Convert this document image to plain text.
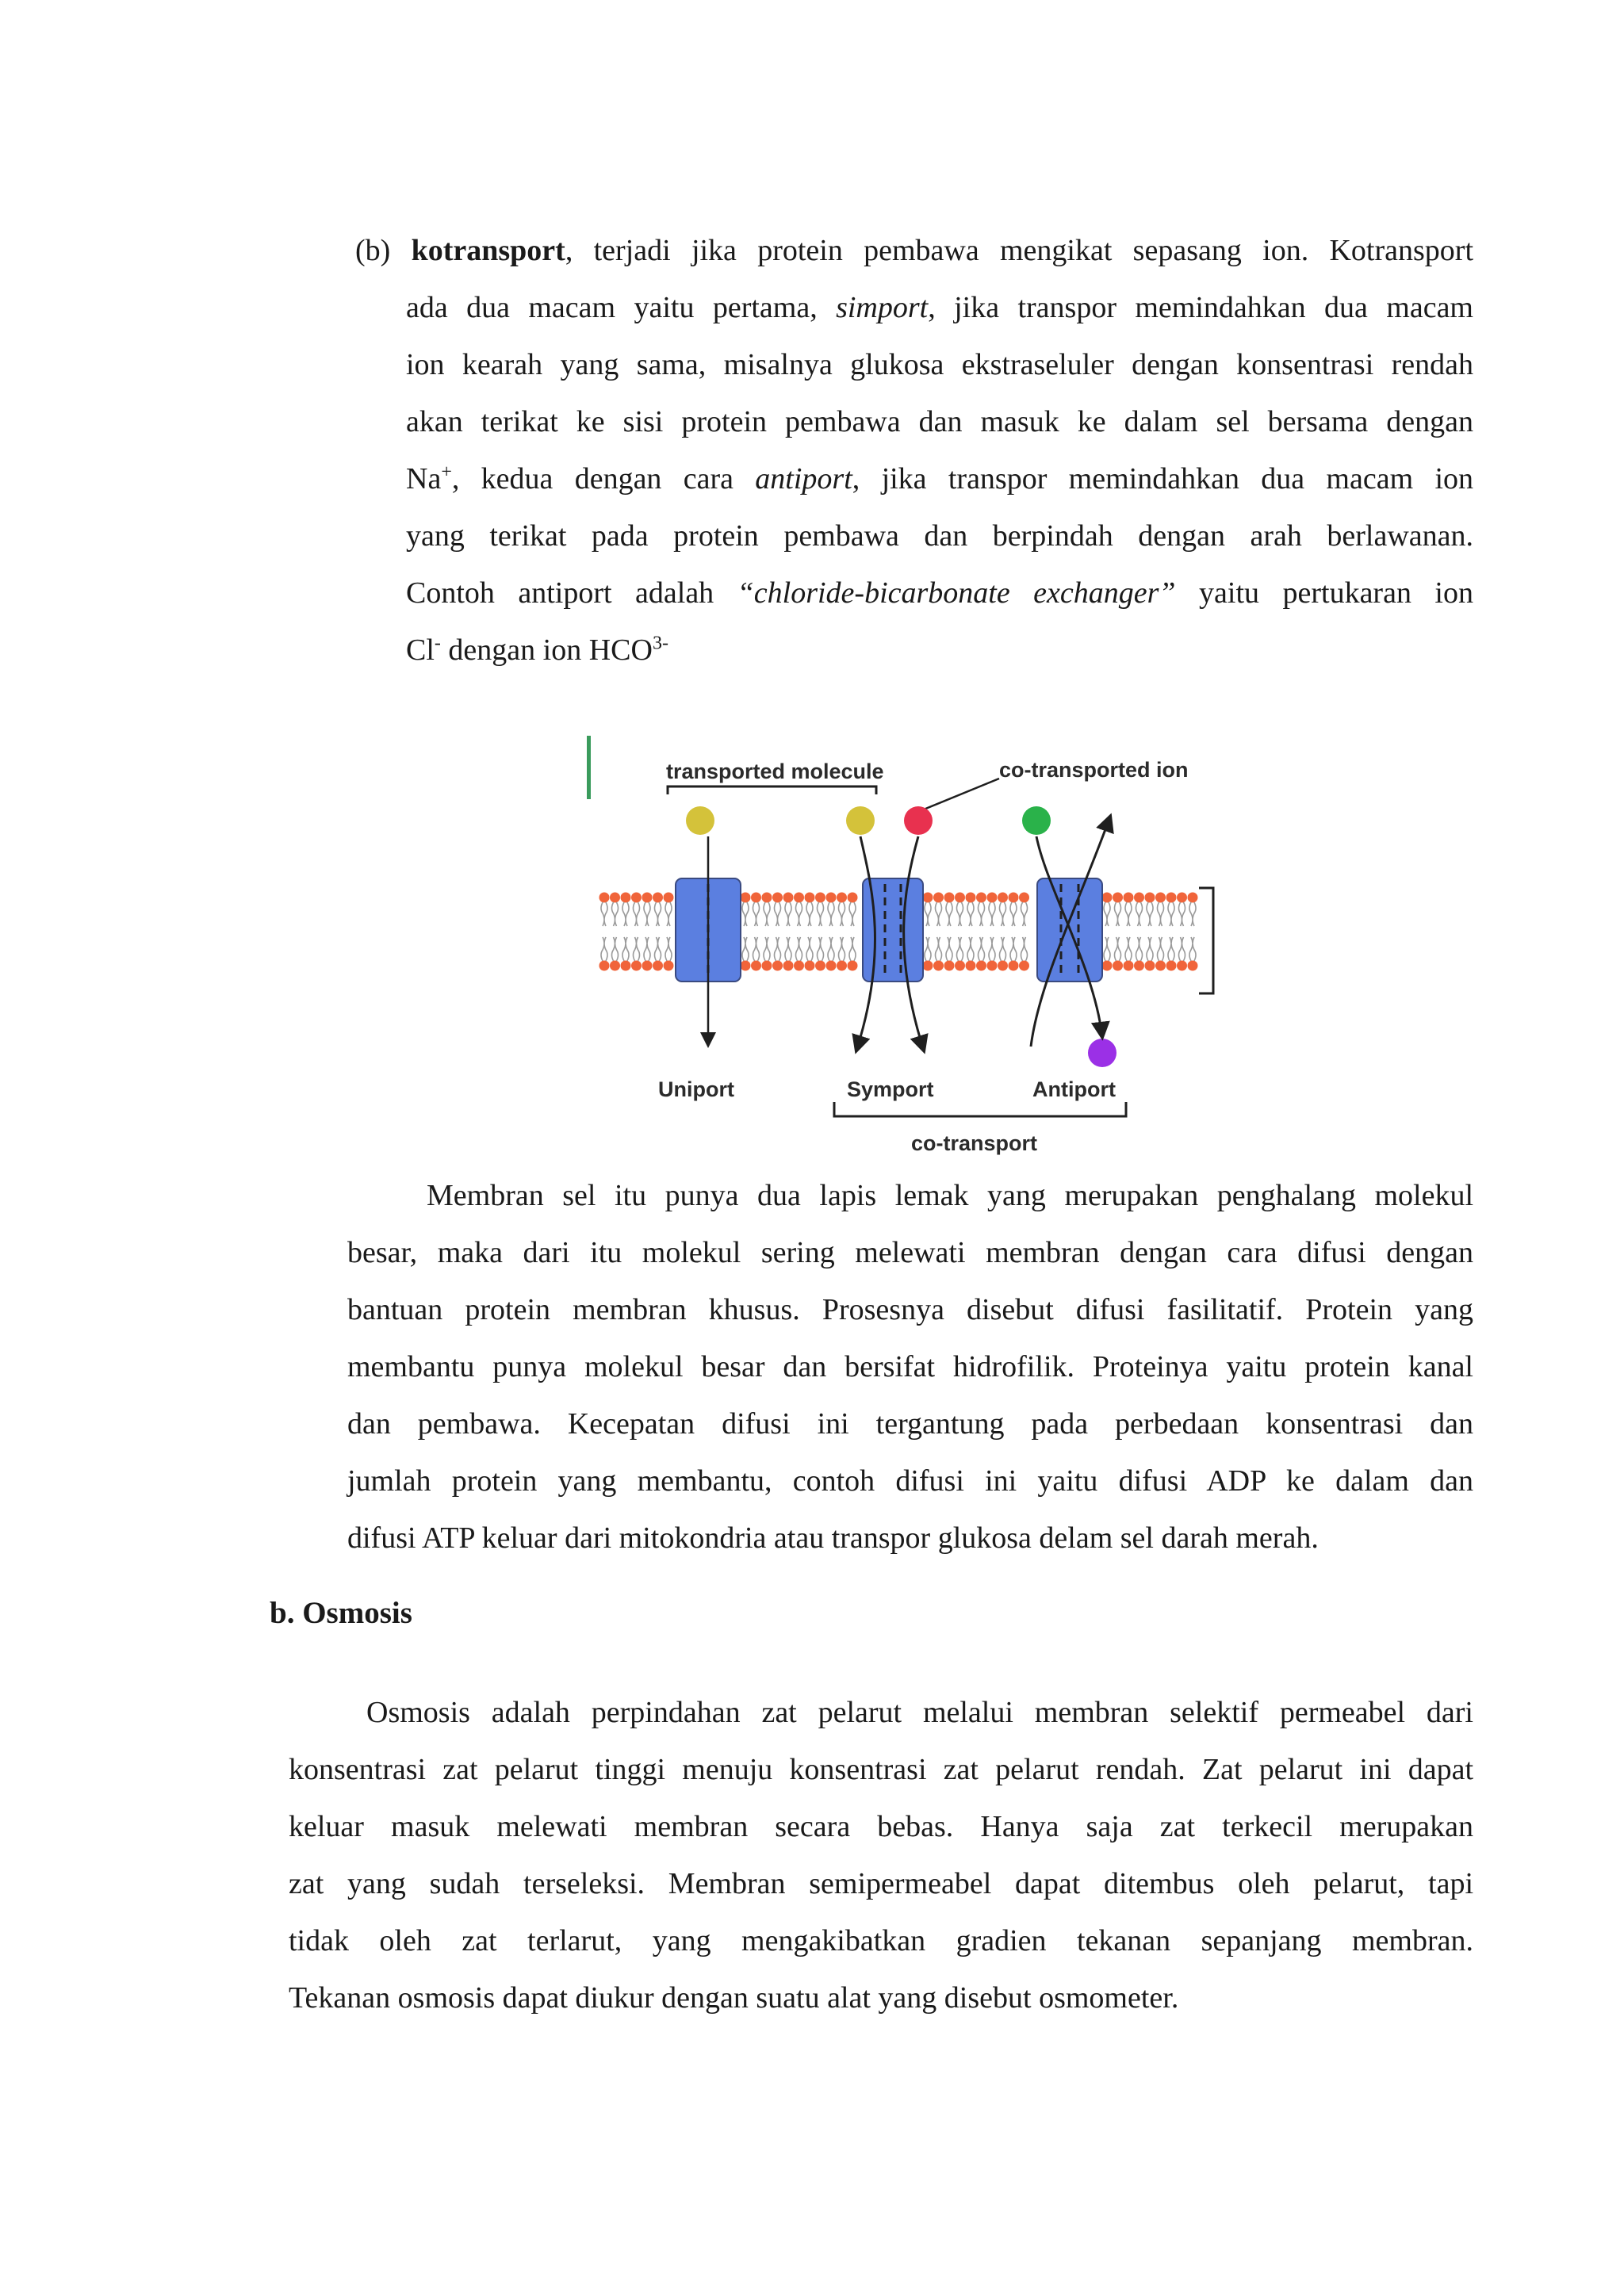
(b) kotransport, terjadi jika protein pembawa mengikat sepasang ion. Kotransport
ada dua macam yaitu pertama, simport, jika transpor memindahkan dua macam
ion kearah yang sama, misalnya glukosa ekstraseluler dengan konsentrasi rendah
akan terikat ke sisi protein pembawa dan masuk ke dalam sel bersama dengan
Na+, kedua dengan cara antiport, jika transpor memindahkan dua macam ion
yang terikat pada protein pembawa dan berpindah dengan arah berlawanan.
Contoh antiport adalah “chloride-bicarbonate exchanger” yaitu pertukaran ion
Cl- dengan ion $HCO^{3-}$
transported molecule	co-transported ion
Uniport	Symport	Antiport
co-transport
Membran sel itu punya dua lapis lemak yang merupakan penghalang molekul
besar, maka dari itu molekul sering melewati membran dengan cara difusi dengan
bantuan protein membran khusus. Prosesnya disebut difusi fasilitatif. Protein yang
membantu punya molekul besar dan bersifat hidrofilik. Proteinya yaitu protein kanal
dan pembawa. Kecepatan difusi ini tergantung pada perbedaan konsentrasi dan
jumlah protein yang membantu, contoh difusi ini yaitu difusi ADP ke dalam dan
difusi ATP keluar dari mitokondria atau transpor glukosa delam sel darah merah.
b. Osmosis
Osmosis adalah perpindahan zat pelarut melalui membran selektif permeabel dari
konsentrasi zat pelarut tinggi menuju konsentrasi zat pelarut rendah. Zat pelarut ini dapat
keluar masuk melewati membran secara bebas. Hanya saja zat terkecil merupakan
zat yang sudah terseleksi. Membran semipermeabel dapat ditembus oleh pelarut, tapi
tidak oleh zat terlarut, yang mengakibatkan gradien tekanan sepanjang membran.
Tekanan osmosis dapat diukur dengan suatu alat yang disebut osmometer.
